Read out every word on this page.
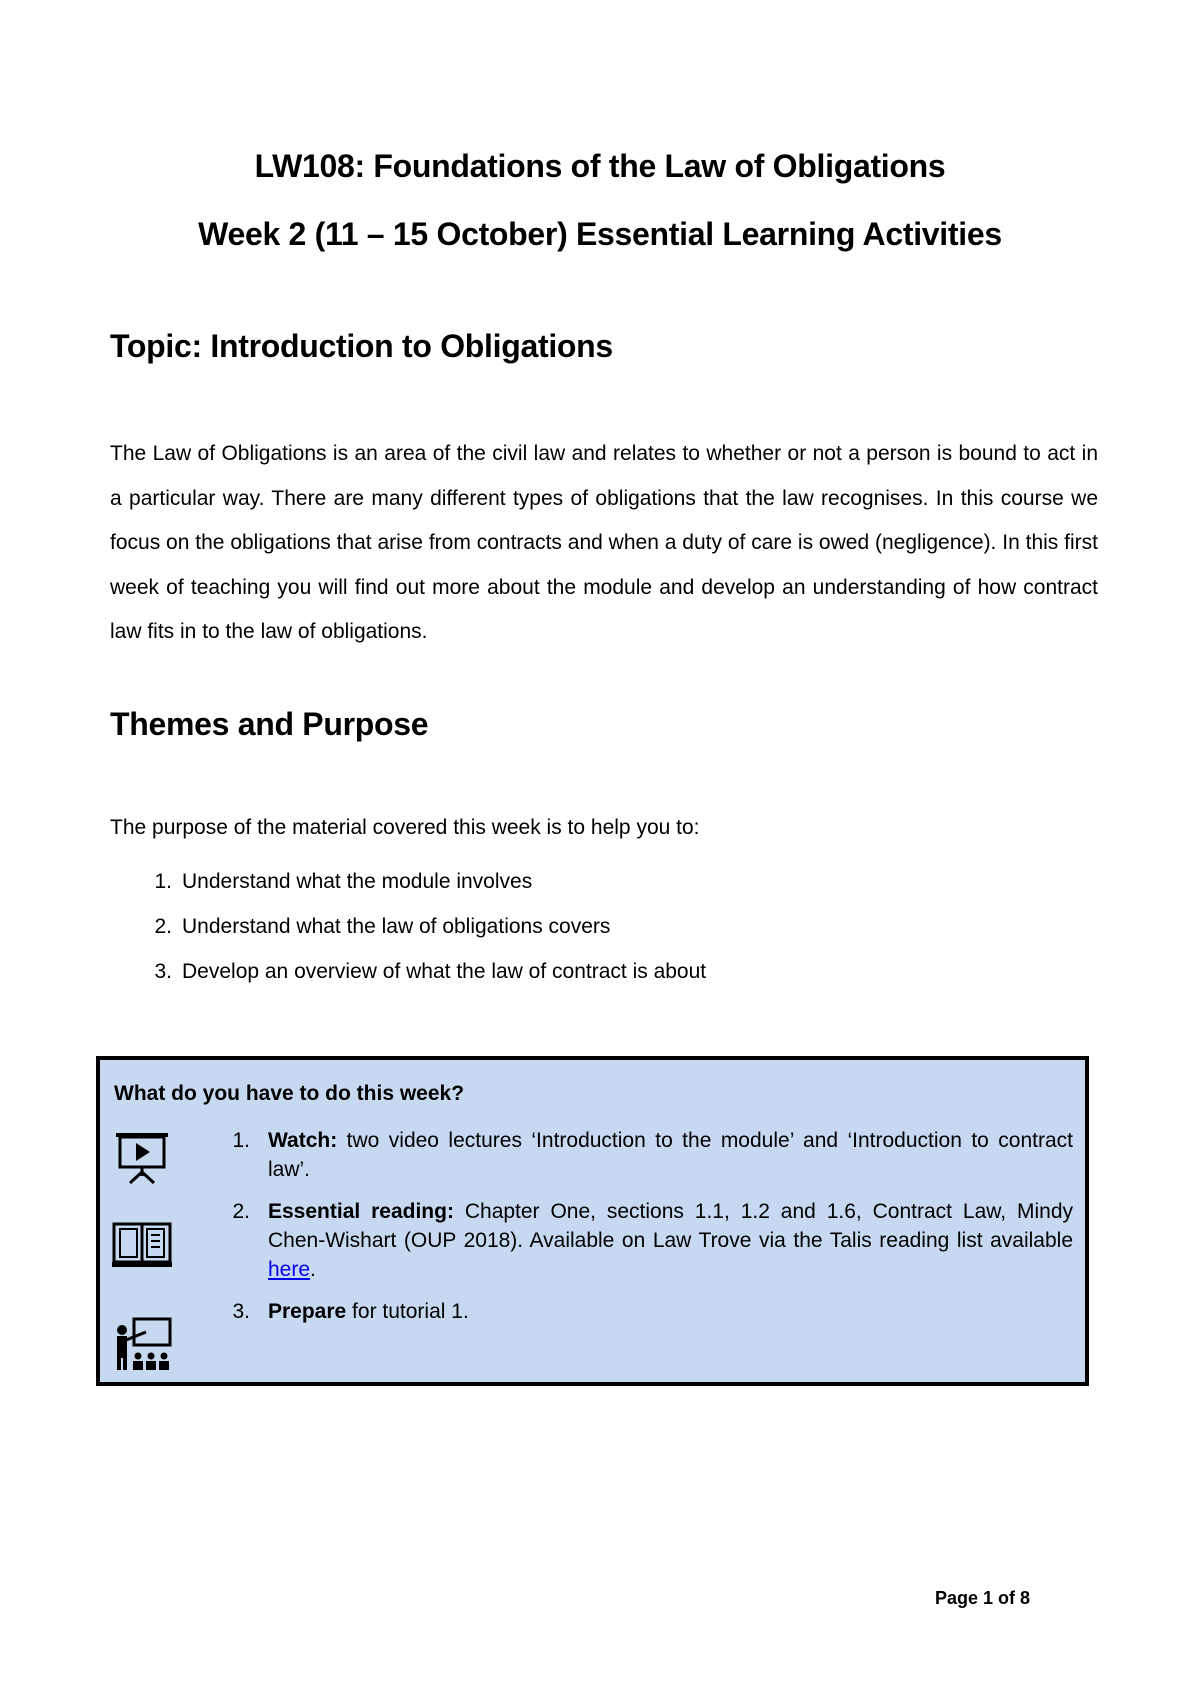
LW108: Foundations of the Law of Obligations
Week 2 (11 – 15 October) Essential Learning Activities
Topic: Introduction to Obligations
The Law of Obligations is an area of the civil law and relates to whether or not a person is bound to act in a particular way. There are many different types of obligations that the law recognises. In this course we focus on the obligations that arise from contracts and when a duty of care is owed (negligence). In this first week of teaching you will find out more about the module and develop an understanding of how contract law fits in to the law of obligations.
Themes and Purpose
The purpose of the material covered this week is to help you to:
1. Understand what the module involves
2. Understand what the law of obligations covers
3. Develop an overview of what the law of contract is about
What do you have to do this week?
1. Watch: two video lectures ‘Introduction to the module’ and ‘Introduction to contract law’.
2. Essential reading: Chapter One, sections 1.1, 1.2 and 1.6, Contract Law, Mindy Chen-Wishart (OUP 2018). Available on Law Trove via the Talis reading list available here.
3. Prepare for tutorial 1.
Page 1 of 8
